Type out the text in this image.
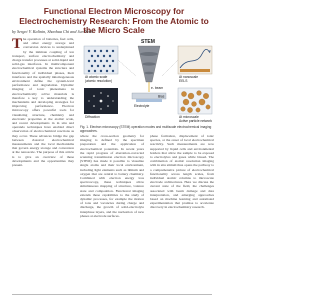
Functional Electron Microscopy for Electrochemistry Research: From the Atomic to the Micro Scale
by Sergei V. Kalinin, Shaohua Chi and Jun Nishi
T he operation of batteries, fuel cells, and other energy storage and conversion devices is underpinned by the intimate coupling of ion transport, surface electrochemistry and charge transfer processes at solid-liquid and solid-gas interfaces. In multicomponent electrochemical systems the structure and functionality of individual phases, their interfaces and the spatially inhomogeneous environment define the system-level performance and degradation. Dynamic imaging of ionic phenomena in electrochemically active materials is therefore a key to understanding the mechanisms and developing strategies for improving performance. Electron microscopy offers powerful tools for visualizing structure, chemistry and electronic properties at the atomic scale, and recent developments in in situ and operando techniques have enabled direct observation of electrochemical reactions as they occur. These advances bridge the gap between classical electrochemical measurements and the local mechanisms that govern energy storage and conversion at the nanoscale. The purpose of this article is to give an overview of these developments and the opportunities they present.

At atomic scale
(atomic resolution)
STEM
e- beam
Electrolyte
Bias
At nanoscale
EELS
At microscale
Active particle network
Diffraction
Fig. 1. Electron microscopy (STEM) operation modes and multiscale electrochemical imaging approaches.

where the cross-section geometry for imaging is defined by the specimen preparation and the application of electrochemical potentials. In recent years the rapid progress of aberration-corrected scanning transmission electron microscopy (STEM) has made it possible to visualize single atoms and their local environment, including light elements such as lithium and oxygen that are central to battery chemistry. Combined with electron energy loss spectroscopy, these techniques allow simultaneous mapping of structure, valence state and composition. Functional imaging extends these capabilities to the study of dynamic processes, for example the motion of ions and vacancies during charge and discharge, the growth of solid-electrolyte interphase layers, and the nucleation of new phases at electrode surfaces.

phase formation, displacement of ionic species, or the onset of local electrochemical reactivity. Such measurements are now supported by liquid cells and environmental holders that allow the sample to be exposed to electrolytes and gases while biased. The combination of atomic resolution imaging with in situ stimuli thus opens the pathway to a comprehensive picture of electrochemical functionality across length scales, from individual atomic columns to microscale electrode architectures. Here we discuss the current state of the field, the challenges associated with beam damage and data interpretation, and emerging approaches based on machine learning and automated experimentation that promise to accelerate discovery in electrochemistry research.
